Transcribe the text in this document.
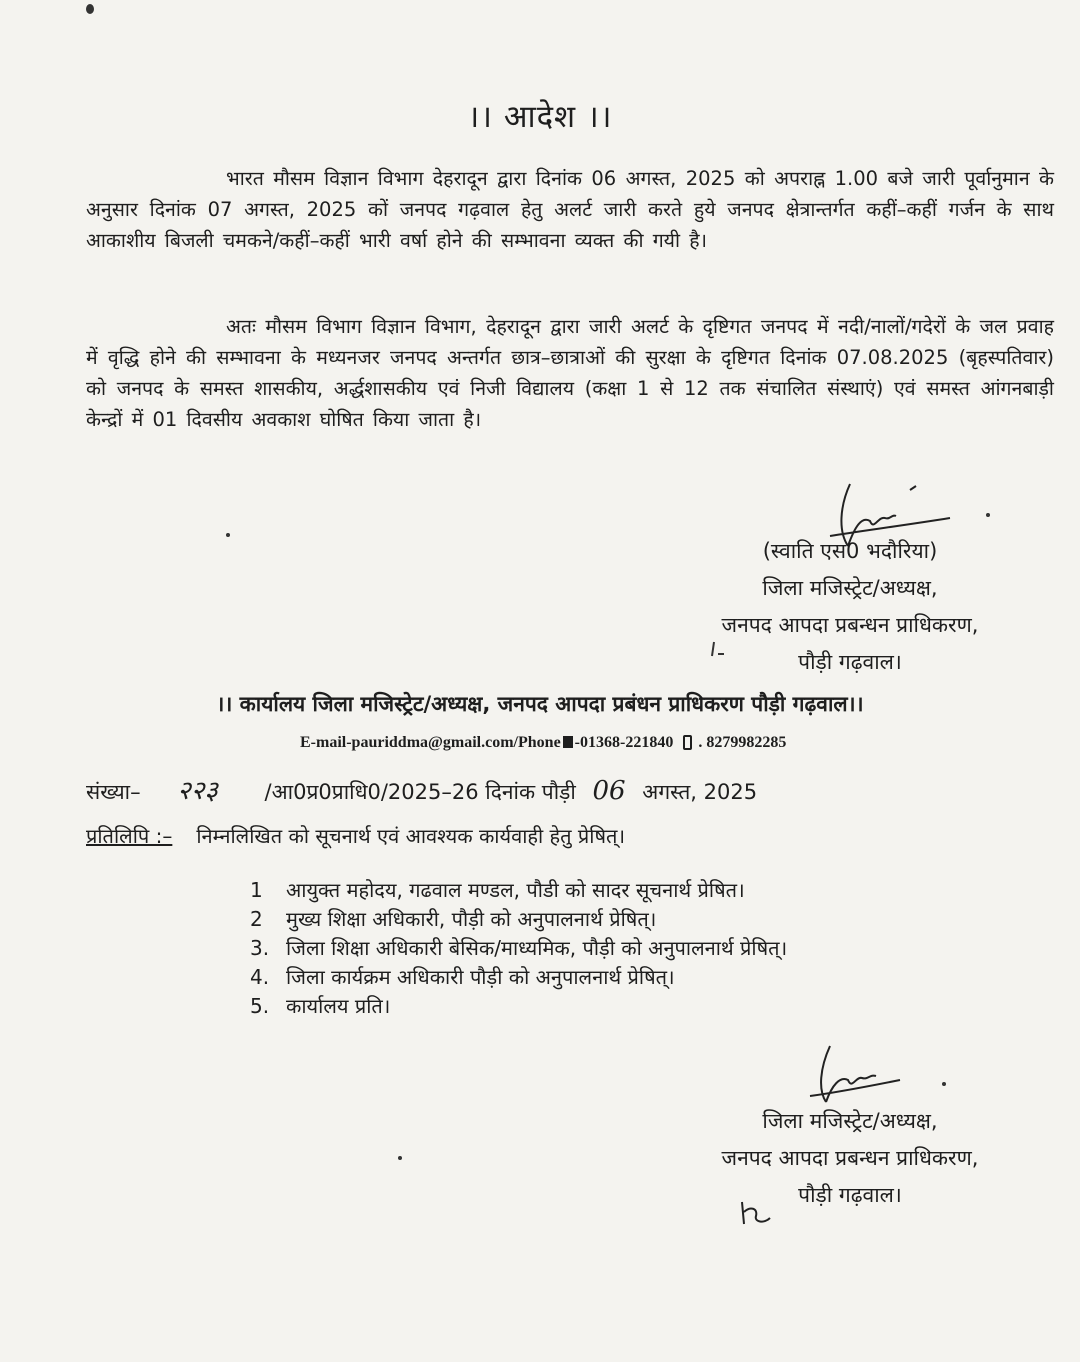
।। आदेश ।।
भारत मौसम विज्ञान विभाग देहरादून द्वारा दिनांक 06 अगस्त, 2025 को अपराह्न 1.00 बजे जारी पूर्वानुमान के अनुसार दिनांक 07 अगस्त, 2025 कों जनपद गढ़वाल हेतु अलर्ट जारी करते हुये जनपद क्षेत्रान्तर्गत कहीं–कहीं गर्जन के साथ आकाशीय बिजली चमकने/कहीं–कहीं भारी वर्षा होने की सम्भावना व्यक्त की गयी है।
अतः मौसम विभाग विज्ञान विभाग, देहरादून द्वारा जारी अलर्ट के दृष्टिगत जनपद में नदी/नालों/गदेरों के जल प्रवाह में वृद्धि होने की सम्भावना के मध्यनजर जनपद अन्तर्गत छात्र–छात्राओं की सुरक्षा के दृष्टिगत दिनांक 07.08.2025 (बृहस्पतिवार) को जनपद के समस्त शासकीय, अर्द्धशासकीय एवं निजी विद्यालय (कक्षा 1 से 12 तक संचालित संस्थाएं) एवं समस्त आंगनबाड़ी केन्द्रों में 01 दिवसीय अवकाश घोषित किया जाता है।
(स्वाति एस0 भदौरिया)
जिला मजिस्ट्रेट/अध्यक्ष,
जनपद आपदा प्रबन्धन प्राधिकरण,
पौड़ी गढ़वाल।
।। कार्यालय जिला मजिस्ट्रेट/अध्यक्ष, जनपद आपदा प्रबंधन प्राधिकरण पौड़ी गढ़वाल।।
E-mail-pauriddma@gmail.com/Phone -01368-221840 . 8279982285
संख्या– २२३ /आ0प्र0प्राधि0/2025–26 दिनांक पौड़ी 06 अगस्त, 2025
प्रतिलिपि :– निम्नलिखित को सूचनार्थ एवं आवश्यक कार्यवाही हेतु प्रेषित्।
1 आयुक्त महोदय, गढवाल मण्डल, पौडी को सादर सूचनार्थ प्रेषित।
2 मुख्य शिक्षा अधिकारी, पौड़ी को अनुपालनार्थ प्रेषित्।
3. जिला शिक्षा अधिकारी बेसिक/माध्यमिक, पौड़ी को अनुपालनार्थ प्रेषित्।
4. जिला कार्यक्रम अधिकारी पौड़ी को अनुपालनार्थ प्रेषित्।
5. कार्यालय प्रति।
जिला मजिस्ट्रेट/अध्यक्ष,
जनपद आपदा प्रबन्धन प्राधिकरण,
पौड़ी गढ़वाल।
